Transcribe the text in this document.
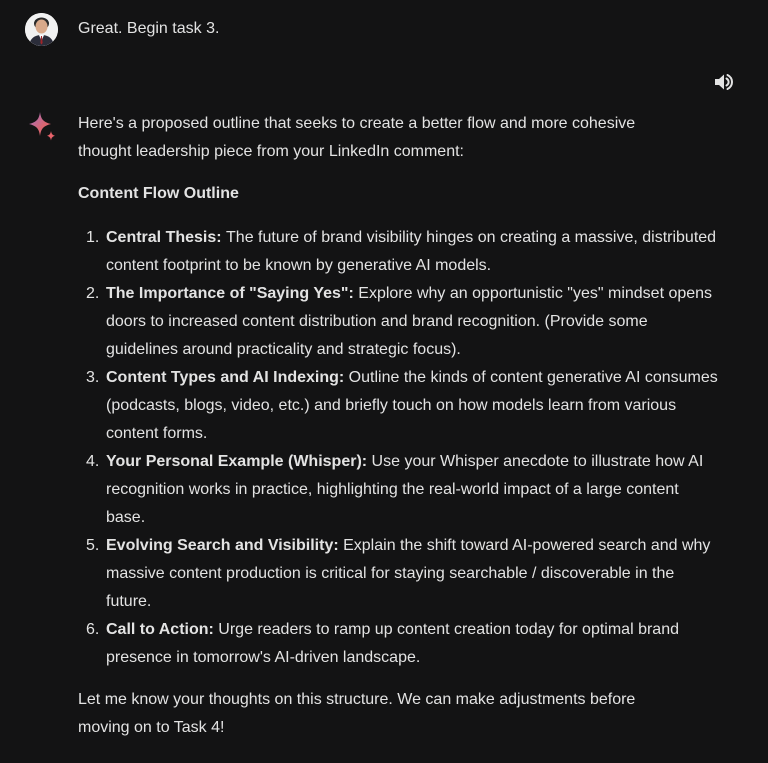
Great. Begin task 3.

Here's a proposed outline that seeks to create a better flow and more cohesive thought leadership piece from your LinkedIn comment:

Content Flow Outline

1. Central Thesis: The future of brand visibility hinges on creating a massive, distributed content footprint to be known by generative AI models.
2. The Importance of "Saying Yes": Explore why an opportunistic "yes" mindset opens doors to increased content distribution and brand recognition. (Provide some guidelines around practicality and strategic focus).
3. Content Types and AI Indexing: Outline the kinds of content generative AI consumes (podcasts, blogs, video, etc.) and briefly touch on how models learn from various content forms.
4. Your Personal Example (Whisper): Use your Whisper anecdote to illustrate how AI recognition works in practice, highlighting the real-world impact of a large content base.
5. Evolving Search and Visibility: Explain the shift toward AI-powered search and why massive content production is critical for staying searchable / discoverable in the future.
6. Call to Action: Urge readers to ramp up content creation today for optimal brand presence in tomorrow's AI-driven landscape.

Let me know your thoughts on this structure. We can make adjustments before moving on to Task 4!
